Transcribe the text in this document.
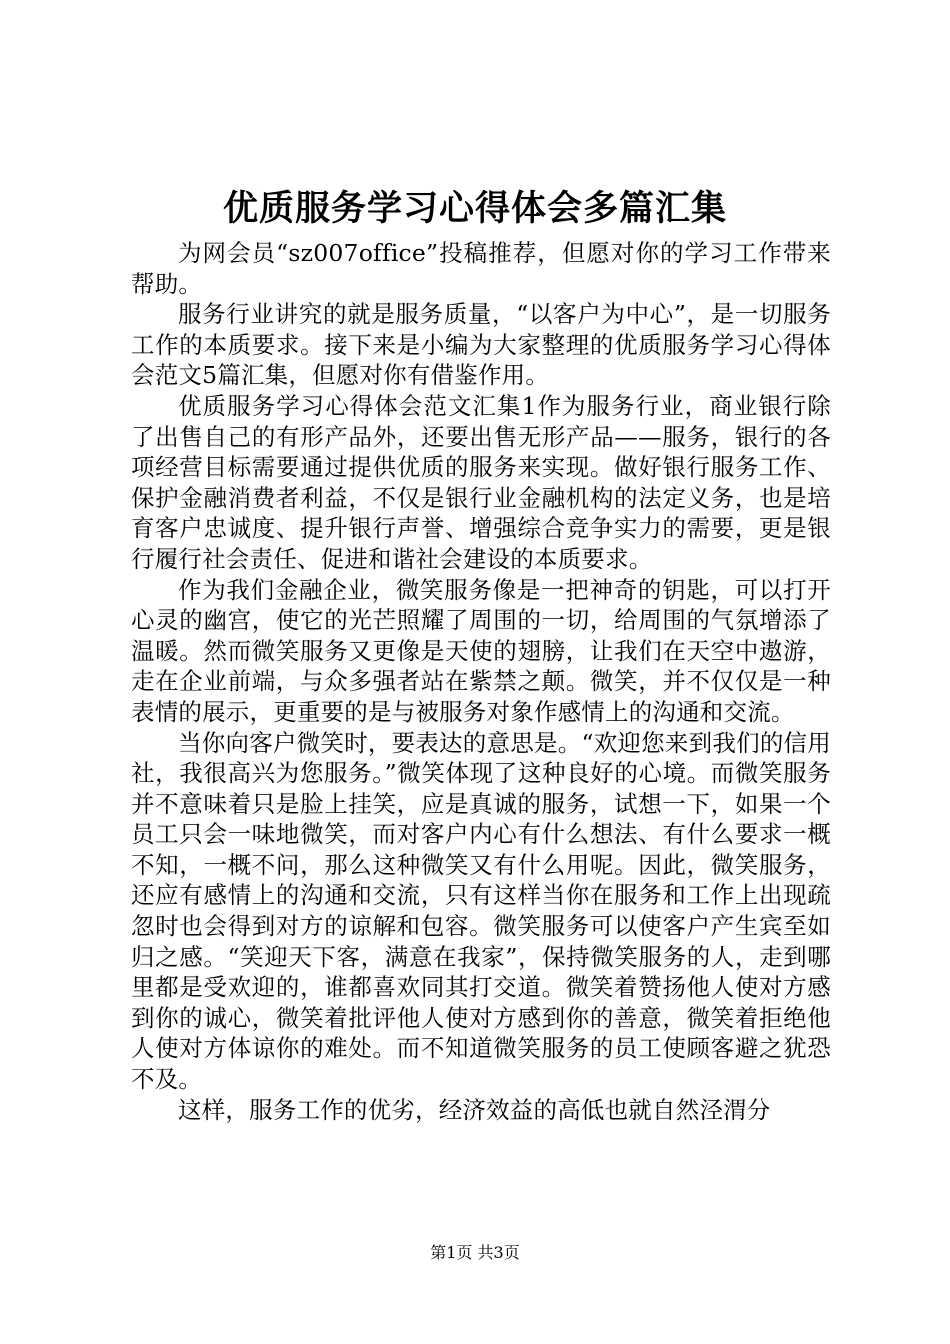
优质服务学习心得体会多篇汇集

为网会员“sz007office”投稿推荐，但愿对你的学习工作带来帮助。

服务行业讲究的就是服务质量，“以客户为中心”，是一切服务工作的本质要求。接下来是小编为大家整理的优质服务学习心得体会范文5篇汇集，但愿对你有借鉴作用。

优质服务学习心得体会范文汇集1作为服务行业，商业银行除了出售自己的有形产品外，还要出售无形产品——服务，银行的各项经营目标需要通过提供优质的服务来实现。做好银行服务工作、保护金融消费者利益，不仅是银行业金融机构的法定义务，也是培育客户忠诚度、提升银行声誉、增强综合竞争实力的需要，更是银行履行社会责任、促进和谐社会建设的本质要求。

作为我们金融企业，微笑服务像是一把神奇的钥匙，可以打开心灵的幽宫，使它的光芒照耀了周围的一切，给周围的气氛增添了温暖。然而微笑服务又更像是天使的翅膀，让我们在天空中遨游，走在企业前端，与众多强者站在紫禁之颠。微笑，并不仅仅是一种表情的展示，更重要的是与被服务对象作感情上的沟通和交流。

当你向客户微笑时，要表达的意思是。“欢迎您来到我们的信用社，我很高兴为您服务。”微笑体现了这种良好的心境。而微笑服务并不意味着只是脸上挂笑，应是真诚的服务，试想一下，如果一个员工只会一味地微笑，而对客户内心有什么想法、有什么要求一概不知，一概不问，那么这种微笑又有什么用呢。因此，微笑服务，还应有感情上的沟通和交流，只有这样当你在服务和工作上出现疏忽时也会得到对方的谅解和包容。微笑服务可以使客户产生宾至如归之感。“笑迎天下客，满意在我家”，保持微笑服务的人，走到哪里都是受欢迎的，谁都喜欢同其打交道。微笑着赞扬他人使对方感到你的诚心，微笑着批评他人使对方感到你的善意，微笑着拒绝他人使对方体谅你的难处。而不知道微笑服务的员工使顾客避之犹恐不及。

这样，服务工作的优劣，经济效益的高低也就自然泾渭分

第1页 共3页
